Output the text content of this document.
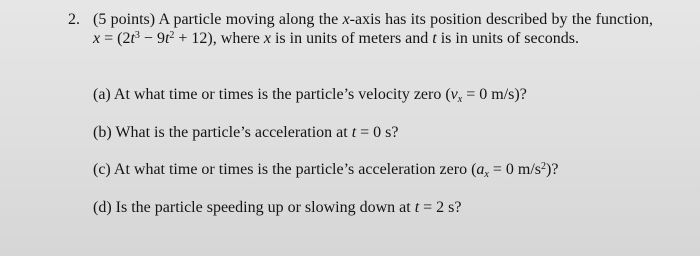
2. (5 points) A particle moving along the x-axis has its position described by the function, $x = (2t^3 - 9t^2 + 12)$, where x is in units of meters and t is in units of seconds.
(a) At what time or times is the particle’s velocity zero ($v_x = 0$ m/s)?
(b) What is the particle’s acceleration at t = 0 s?
(c) At what time or times is the particle’s acceleration zero ($a_x = 0$ $m/s^2$)?
(d) Is the particle speeding up or slowing down at t = 2 s?
